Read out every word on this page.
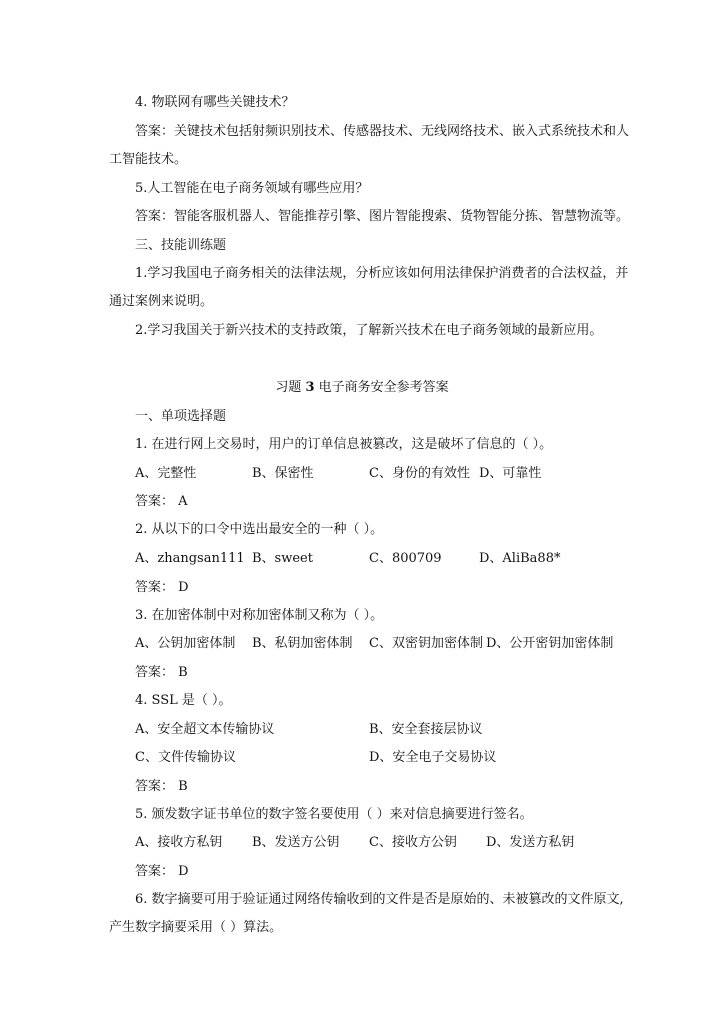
4. 物联网有哪些关键技术？
答案：关键技术包括射频识别技术、传感器技术、无线网络技术、嵌入式系统技术和人
工智能技术。
5.人工智能在电子商务领域有哪些应用？
答案：智能客服机器人、智能推荐引擎、图片智能搜索、货物智能分拣、智慧物流等。
三、技能训练题
1.学习我国电子商务相关的法律法规，分析应该如何用法律保护消费者的合法权益，并
通过案例来说明。
2.学习我国关于新兴技术的支持政策，了解新兴技术在电子商务领域的最新应用。
习题 3 电子商务安全参考答案
一、单项选择题
1. 在进行网上交易时，用户的订单信息被篡改，这是破坏了信息的（ ）。
A、完整性	B、保密性	C、身份的有效性 D、可靠性
答案： A
2. 从以下的口令中选出最安全的一种（ ）。
A、zhangsan111 B、sweet	C、800709	D、AliBa88*
答案： D
3. 在加密体制中对称加密体制又称为（ ）。
A、公钥加密体制 B、私钥加密体制 C、双密钥加密体制 D、公开密钥加密体制
答案： B
4. SSL 是（ ）。
A、安全超文本传输协议	B、安全套接层协议
C、文件传输协议	D、安全电子交易协议
答案： B
5. 颁发数字证书单位的数字签名要使用（ ）来对信息摘要进行签名。
A、接收方私钥 B、发送方公钥 C、接收方公钥 D、发送方私钥
答案： D
6. 数字摘要可用于验证通过网络传输收到的文件是否是原始的、未被篡改的文件原文,
产生数字摘要采用（ ）算法。
